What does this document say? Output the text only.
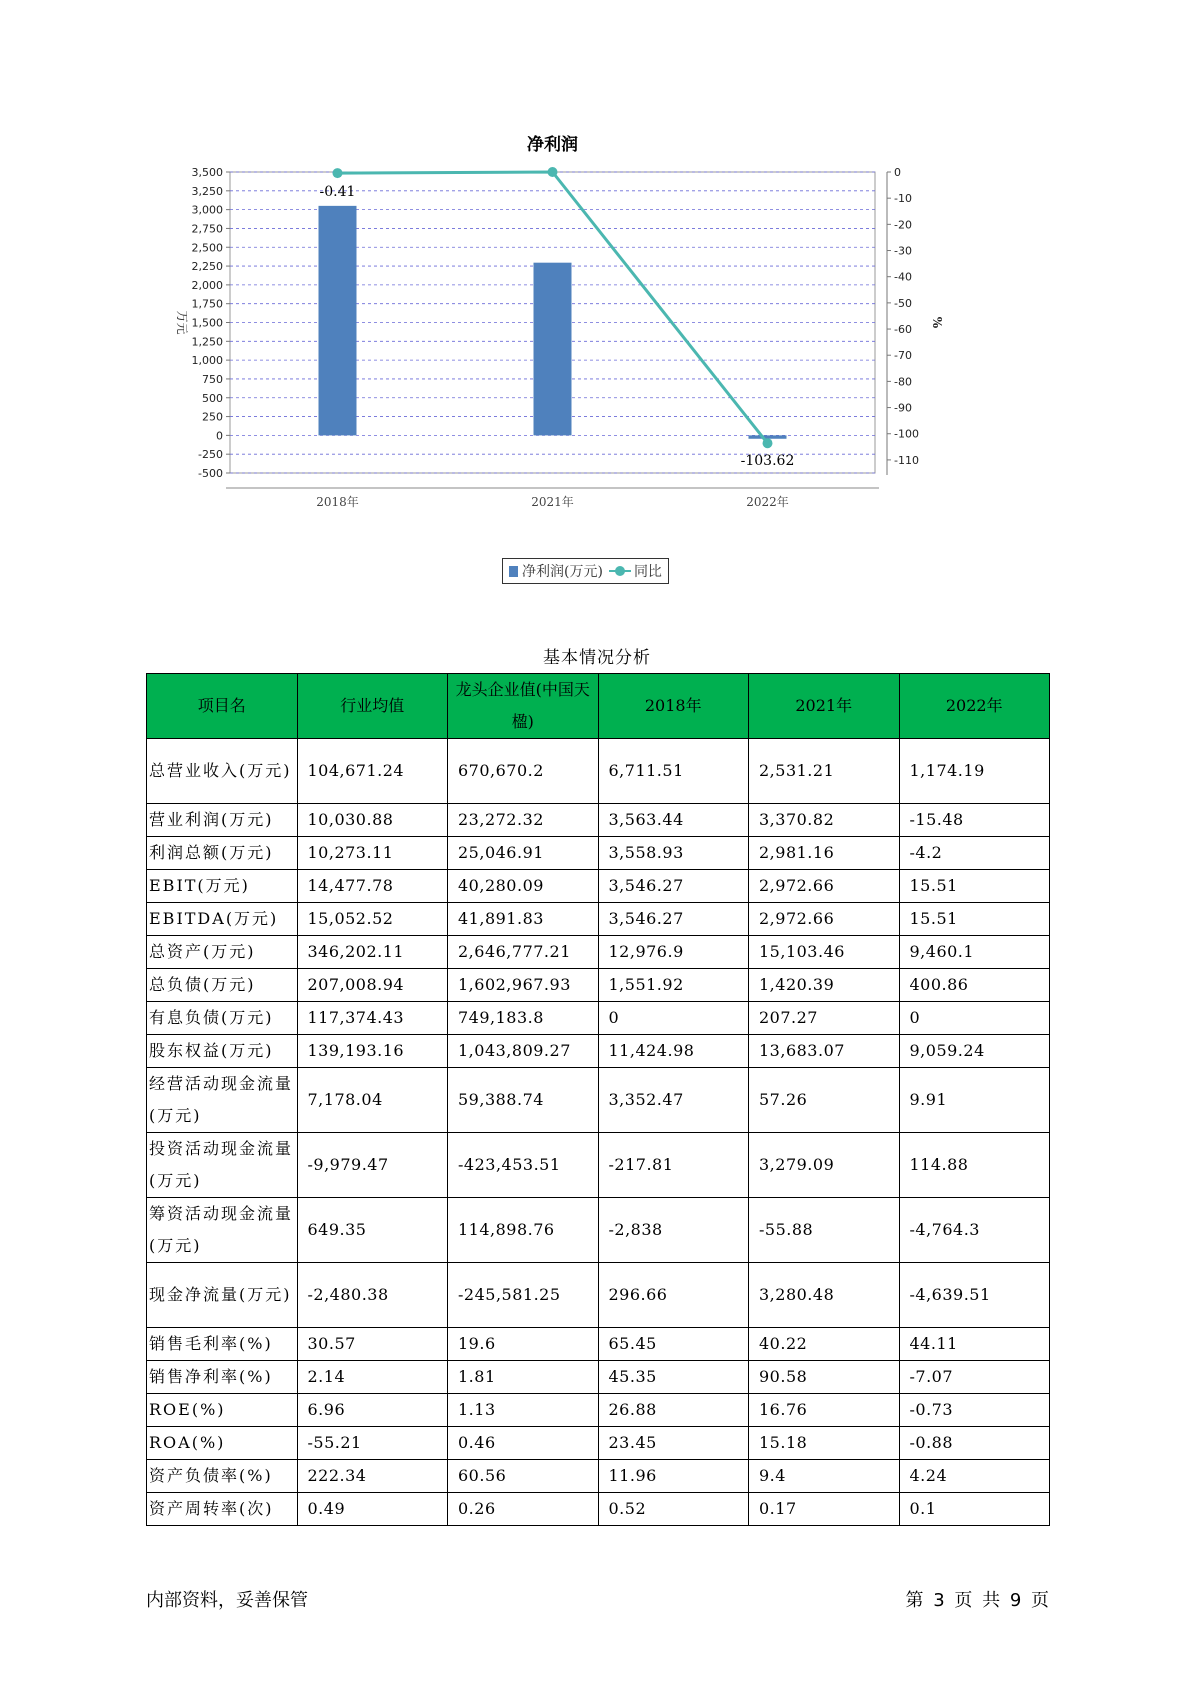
净利润
3,500
3,250
3,000
2,750
2,500
2,250
2,000
1,750
1,500
1,250
1,000
750
500
250
0
-250
-500
0
-10
-20
-30
-40
-50
-60
-70
-80
-90
-100
-110
万元	%
2018年	2021年	2022年
-0.41
-103.62
净利润(万元) 同比
基本情况分析
项目名	行业均值	龙头企业值(中国天楹)	2018年	2021年	2022年
总营业收入(万元)	104,671.24	670,670.2	6,711.51	2,531.21	1,174.19
营业利润(万元)	10,030.88	23,272.32	3,563.44	3,370.82	-15.48
利润总额(万元)	10,273.11	25,046.91	3,558.93	2,981.16	-4.2
EBIT(万元)	14,477.78	40,280.09	3,546.27	2,972.66	15.51
EBITDA(万元)	15,052.52	41,891.83	3,546.27	2,972.66	15.51
总资产(万元)	346,202.11	2,646,777.21	12,976.9	15,103.46	9,460.1
总负债(万元)	207,008.94	1,602,967.93	1,551.92	1,420.39	400.86
有息负债(万元)	117,374.43	749,183.8	0	207.27	0
股东权益(万元)	139,193.16	1,043,809.27	11,424.98	13,683.07	9,059.24
经营活动现金流量(万元)	7,178.04	59,388.74	3,352.47	57.26	9.91
投资活动现金流量(万元)	-9,979.47	-423,453.51	-217.81	3,279.09	114.88
筹资活动现金流量(万元)	649.35	114,898.76	-2,838	-55.88	-4,764.3
现金净流量(万元)	-2,480.38	-245,581.25	296.66	3,280.48	-4,639.51
销售毛利率(%)	30.57	19.6	65.45	40.22	44.11
销售净利率(%)	2.14	1.81	45.35	90.58	-7.07
ROE(%)	6.96	1.13	26.88	16.76	-0.73
ROA(%)	-55.21	0.46	23.45	15.18	-0.88
资产负债率(%)	222.34	60.56	11.96	9.4	4.24
资产周转率(次)	0.49	0.26	0.52	0.17	0.1
内部资料，妥善保管	第 3 页 共 9 页
